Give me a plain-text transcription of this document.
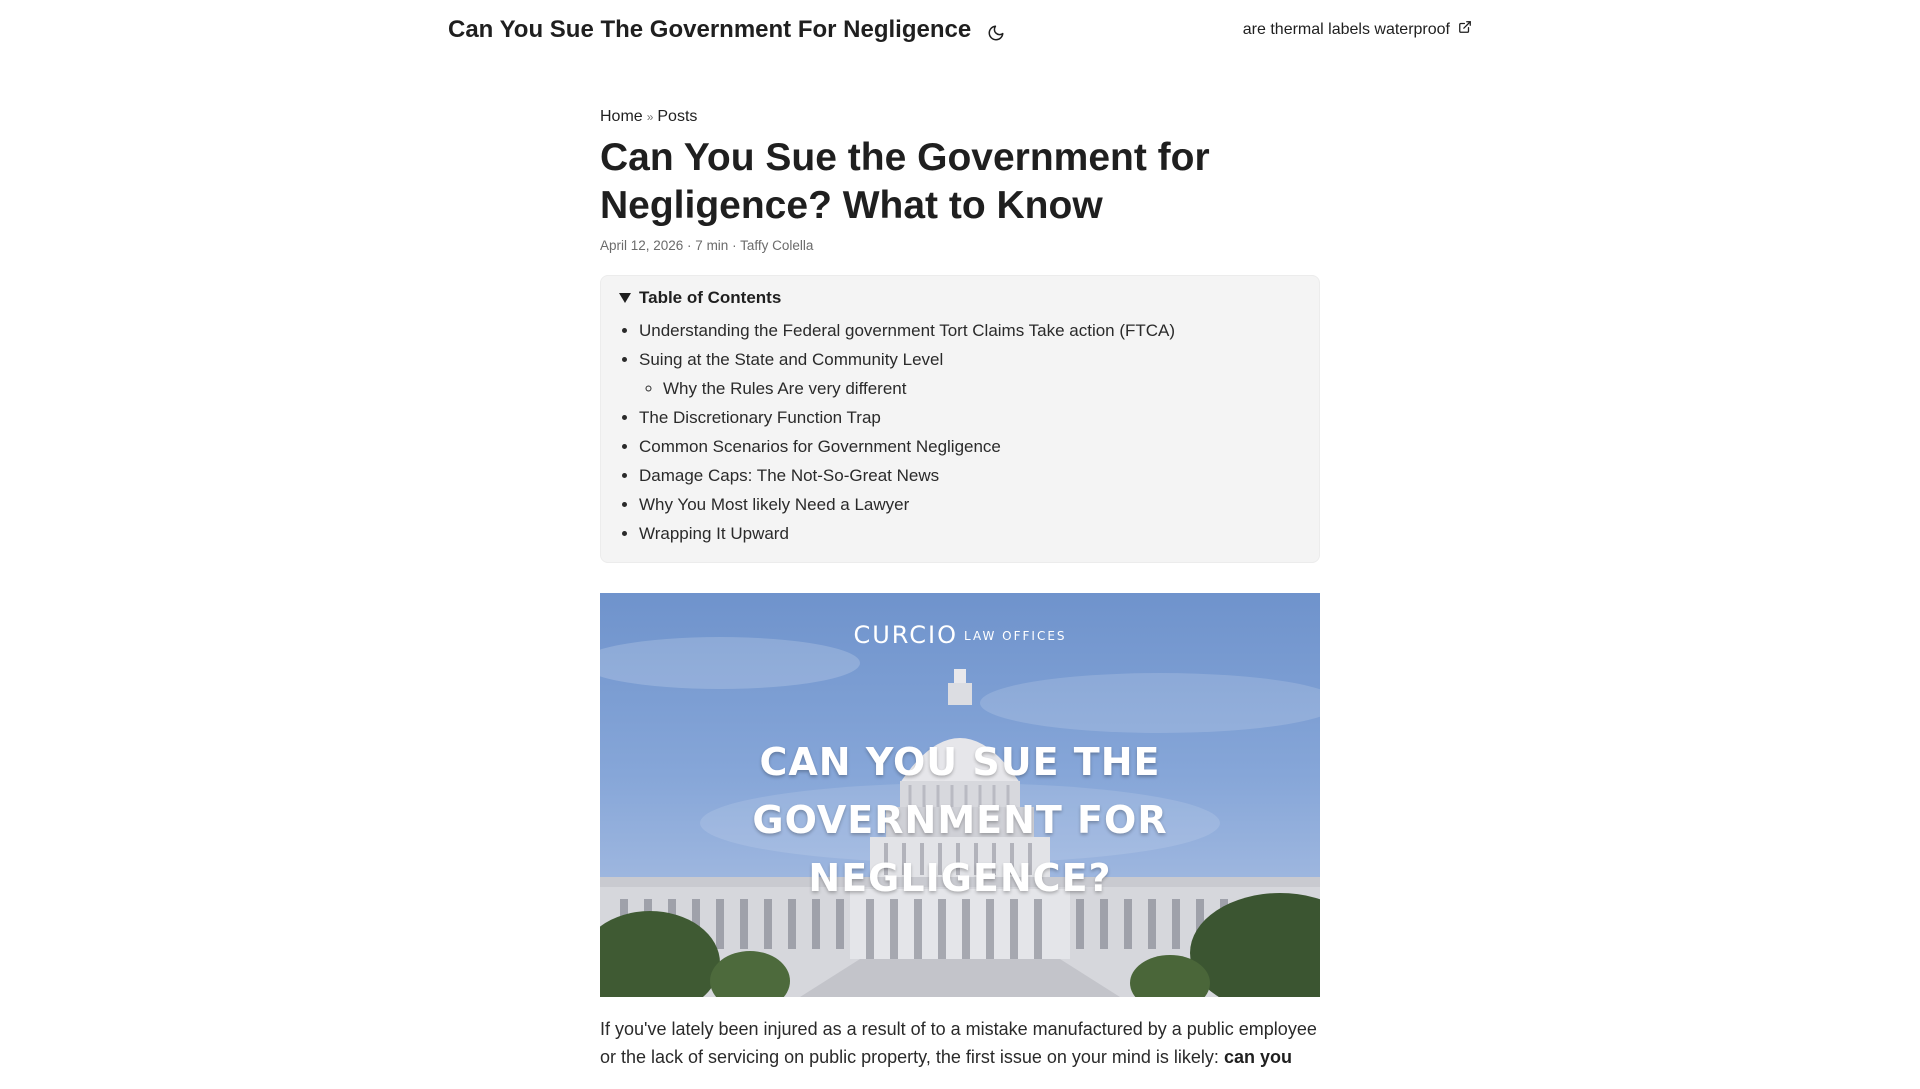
Can You Sue The Government For Negligence	are thermal labels waterproof
Home » Posts
Can You Sue the Government for Negligence? What to Know
April 12, 2026 · 7 min · Taffy Colella
Table of Contents
• Understanding the Federal government Tort Claims Take action (FTCA)
• Suing at the State and Community Level
◦ Why the Rules Are very different
• The Discretionary Function Trap
• Common Scenarios for Government Negligence
• Damage Caps: The Not-So-Great News
• Why You Most likely Need a Lawyer
• Wrapping It Upward
CURCIO LAW OFFICES
CAN YOU SUE THE
GOVERNMENT FOR NEGLIGENCE?

If you've lately been injured as a result of to a mistake manufactured by a public employee or the lack of servicing on public property, the first issue on your mind is likely: can you
